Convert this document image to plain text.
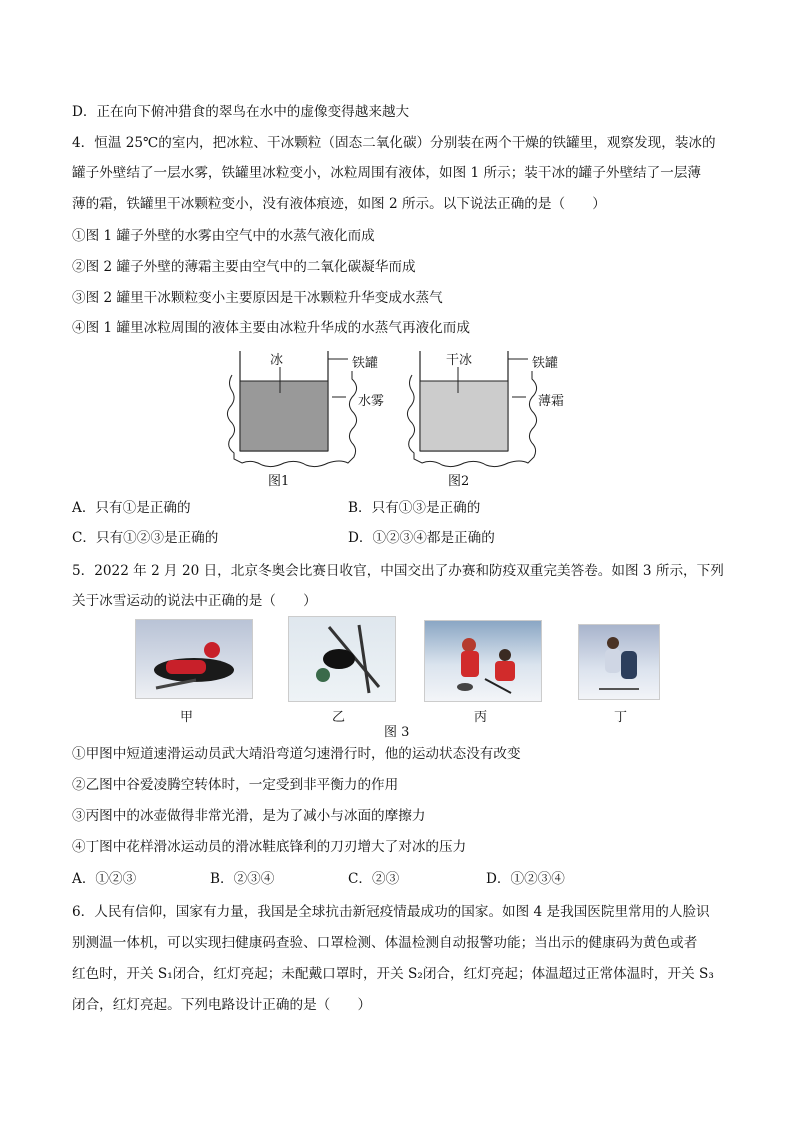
D．正在向下俯冲猎食的翠鸟在水中的虚像变得越来越大
4．恒温 25℃的室内，把冰粒、干冰颗粒（固态二氧化碳）分别装在两个干燥的铁罐里，观察发现，装冰的
罐子外壁结了一层水雾，铁罐里冰粒变小，冰粒周围有液体，如图 1 所示；装干冰的罐子外壁结了一层薄
薄的霜，铁罐里干冰颗粒变小，没有液体痕迹，如图 2 所示。以下说法正确的是（　　）
①图 1 罐子外壁的水雾由空气中的水蒸气液化而成
②图 2 罐子外壁的薄霜主要由空气中的二氧化碳凝华而成
③图 2 罐里干冰颗粒变小主要原因是干冰颗粒升华变成水蒸气
④图 1 罐里冰粒周围的液体主要由冰粒升华成的水蒸气再液化而成
冰	铁罐
水雾
图1
干冰	铁罐
薄霜
图2
A．只有①是正确的	B．只有①③是正确的
C．只有①②③是正确的	D．①②③④都是正确的
5．2022 年 2 月 20 日，北京冬奥会比赛日收官，中国交出了办赛和防疫双重完美答卷。如图 3 所示，下列
关于冰雪运动的说法中正确的是（　　）
甲	乙	丙	丁
图 3
①甲图中短道速滑运动员武大靖沿弯道匀速滑行时，他的运动状态没有改变
②乙图中谷爱凌腾空转体时，一定受到非平衡力的作用
③丙图中的冰壶做得非常光滑，是为了减小与冰面的摩擦力
④丁图中花样滑冰运动员的滑冰鞋底锋利的刀刃增大了对冰的压力
A．①②③	B．②③④	C．②③	D．①②③④
6．人民有信仰，国家有力量，我国是全球抗击新冠疫情最成功的国家。如图 4 是我国医院里常用的人脸识
别测温一体机，可以实现扫健康码查验、口罩检测、体温检测自动报警功能；当出示的健康码为黄色或者
红色时，开关 S₁闭合，红灯亮起；未配戴口罩时，开关 S₂闭合，红灯亮起；体温超过正常体温时，开关 S₃
闭合，红灯亮起。下列电路设计正确的是（　　）
